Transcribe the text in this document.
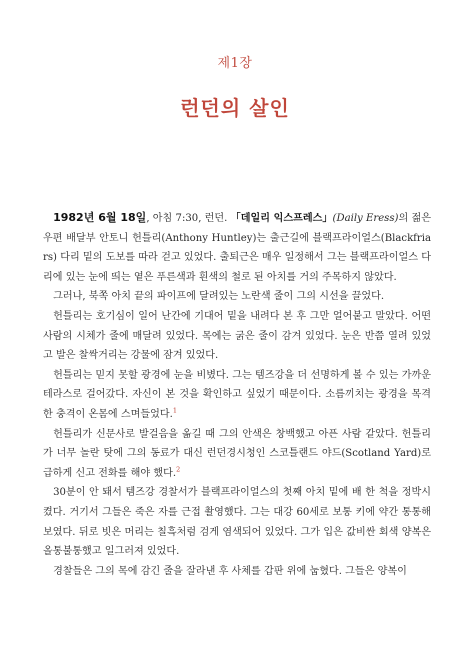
제1장
런던의 살인

1982년 6월 18일, 아침 7:30, 런던. 「데일리 익스프레스」(Daily Eress)의 젊은 우편 배달부 안토니 헌틀리(Anthony Huntley)는 출근길에 블랙프라이얼스(Blackfriars) 다리 밑의 도보를 따라 걷고 있었다. 출퇴근은 매우 일정해서 그는 블랙프라이얼스 다리에 있는 눈에 띄는 옅은 푸른색과 흰색의 철로 된 아치를 거의 주목하지 않았다.

그러나, 북쪽 아치 끝의 파이프에 달려있는 노란색 줄이 그의 시선을 끌었다.

헌틀리는 호기심이 일어 난간에 기대어 밑을 내려다 본 후 그만 얼어붙고 말았다. 어떤 사람의 시체가 줄에 매달려 있었다. 목에는 굵은 줄이 감겨 있었다. 눈은 반쯤 열려 있었고 발은 찰싹거리는 강물에 잠겨 있었다.

헌틀리는 믿지 못할 광경에 눈을 비볐다. 그는 템즈강을 더 선명하게 볼 수 있는 가까운 테라스로 걸어갔다. 자신이 본 것을 확인하고 싶었기 때문이다. 소름끼치는 광경을 목격한 충격이 온몸에 스며들었다.$^1$

헌틀리가 신문사로 발걸음을 옮길 때 그의 안색은 창백했고 아픈 사람 같았다. 헌틀리가 너무 놀란 탓에 그의 동료가 대신 런던경시청인 스코틀랜드 야드(Scotland Yard)로 급하게 신고 전화를 해야 했다.$^2$

30분이 안 돼서 템즈강 경찰서가 블랙프라이얼스의 첫째 아치 밑에 배 한 척을 정박시켰다. 거기서 그들은 죽은 자를 근접 촬영했다. 그는 대강 60세로 보통 키에 약간 통통해 보였다. 뒤로 빗은 머리는 칠흑처럼 검게 염색되어 있었다. 그가 입은 값비싼 회색 양복은 올통불통했고 일그러져 있었다.

경찰들은 그의 목에 감긴 줄을 잘라낸 후 사체를 갑판 위에 눕혔다. 그들은 양복이
